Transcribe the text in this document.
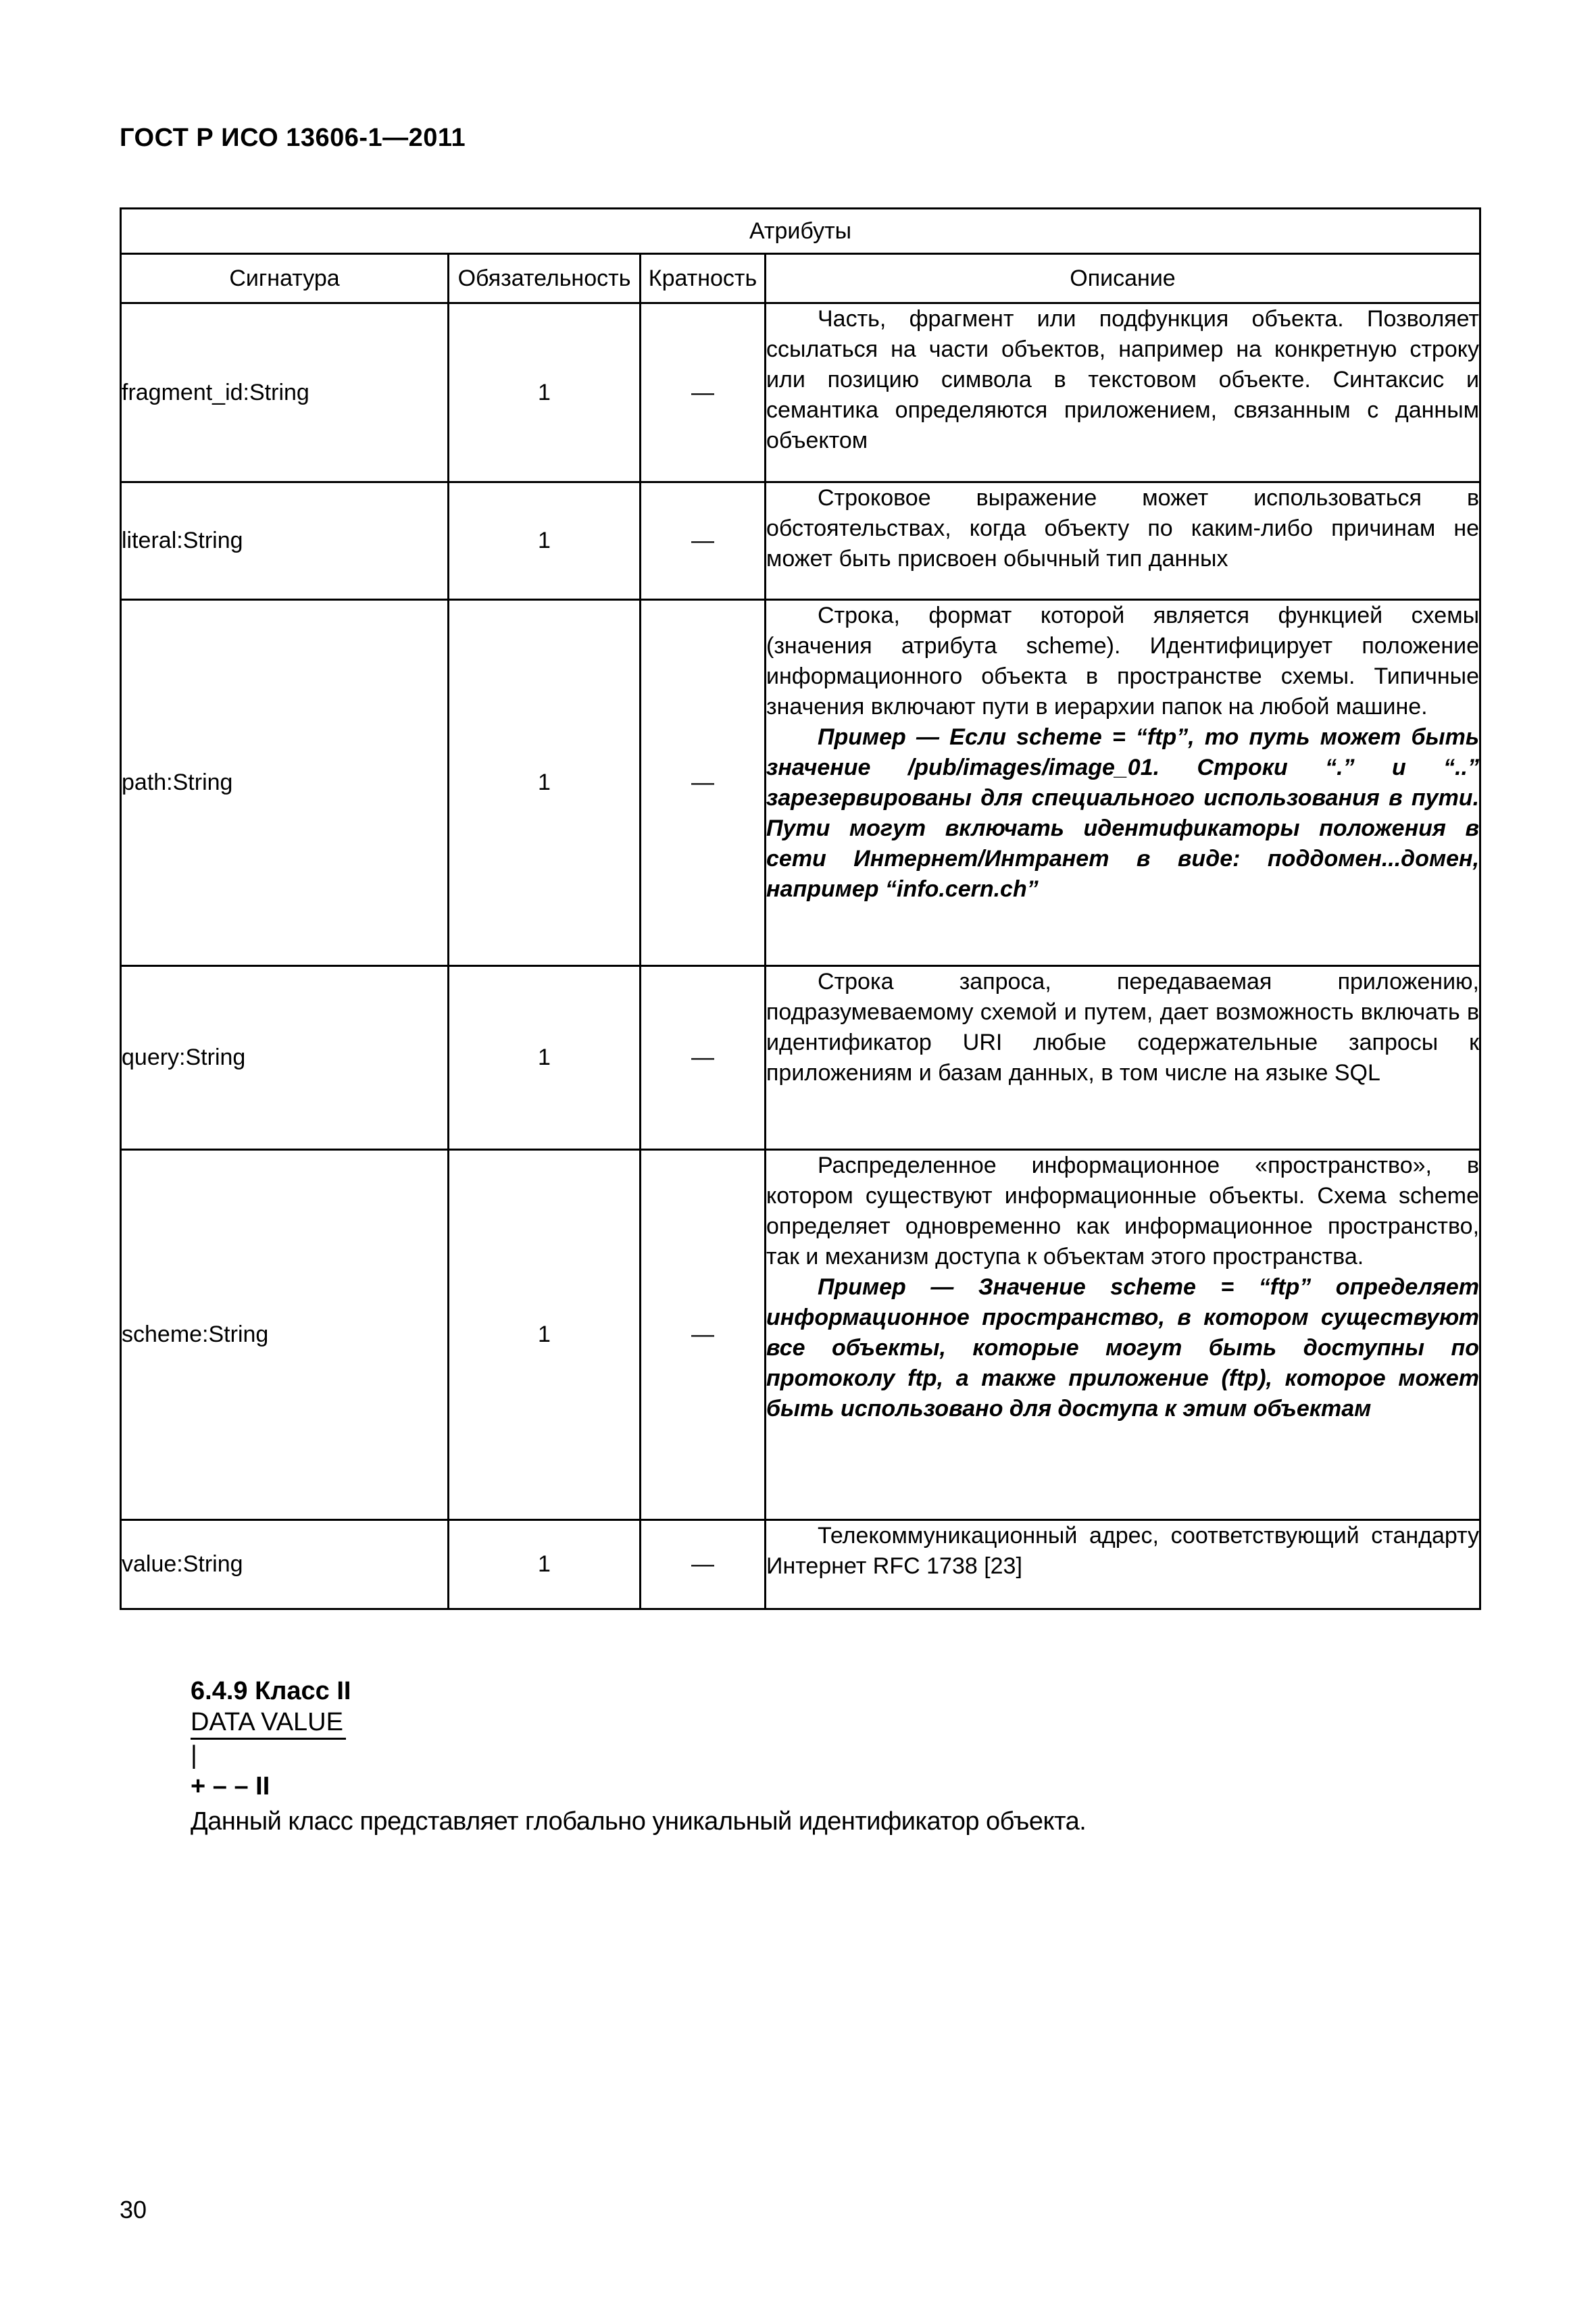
ГОСТ Р ИСО 13606-1—2011
Атрибуты			
Сигнатура	Обязательность	Кратность	Описание
fragment_id:String	1	—	Часть, фрагмент или подфункция объекта. Позволяет ссылаться на части объектов, например на конкретную строку или позицию символа в текстовом объекте. Синтаксис и семантика определяются приложением, связанным с данным объектом

literal:String	1	—	Строковое выражение может использоваться в обстоятельствах, когда объекту по каким-либо причинам не может быть присвоен обычный тип данных

path:String	1	—	Строка, формат которой является функцией схемы (значения атрибута scheme). Идентифицирует положение информационного объекта в пространстве схемы. Типичные значения включают пути в иерархии папок на любой машине.

Пример — Если scheme = “ftp”, то путь может быть значение /pub/images/image_01. Строки “.” и “..” зарезервированы для специального использования в пути. Пути могут включать идентификаторы положения в сети Интернет/Интранет в виде: поддомен...домен, например “info.cern.ch”

query:String	1	—	Строка запроса, передаваемая приложению, подразумеваемому схемой и путем, дает возможность включать в идентификатор URI любые содержательные запросы к приложениям и базам данных, в том числе на языке SQL

scheme:String	1	—	Распределенное информационное «пространство», в котором существуют информационные объекты. Схема scheme определяет одновременно как информационное пространство, так и механизм доступа к объектам этого пространства.

Пример — Значение scheme = “ftp” определяет информационное пространство, в котором существуют все объекты, которые могут быть доступны по протоколу ftp, а также приложение (ftp), которое может быть использовано для доступа к этим объектам

value:String	1	—	Телекоммуникационный адрес, соответствующий стандарту Интернет RFC 1738 [23]

6.4.9 Класс II
DATA VALUE
|
+ – – II
Данный класс представляет глобально уникальный идентификатор объекта.
30
